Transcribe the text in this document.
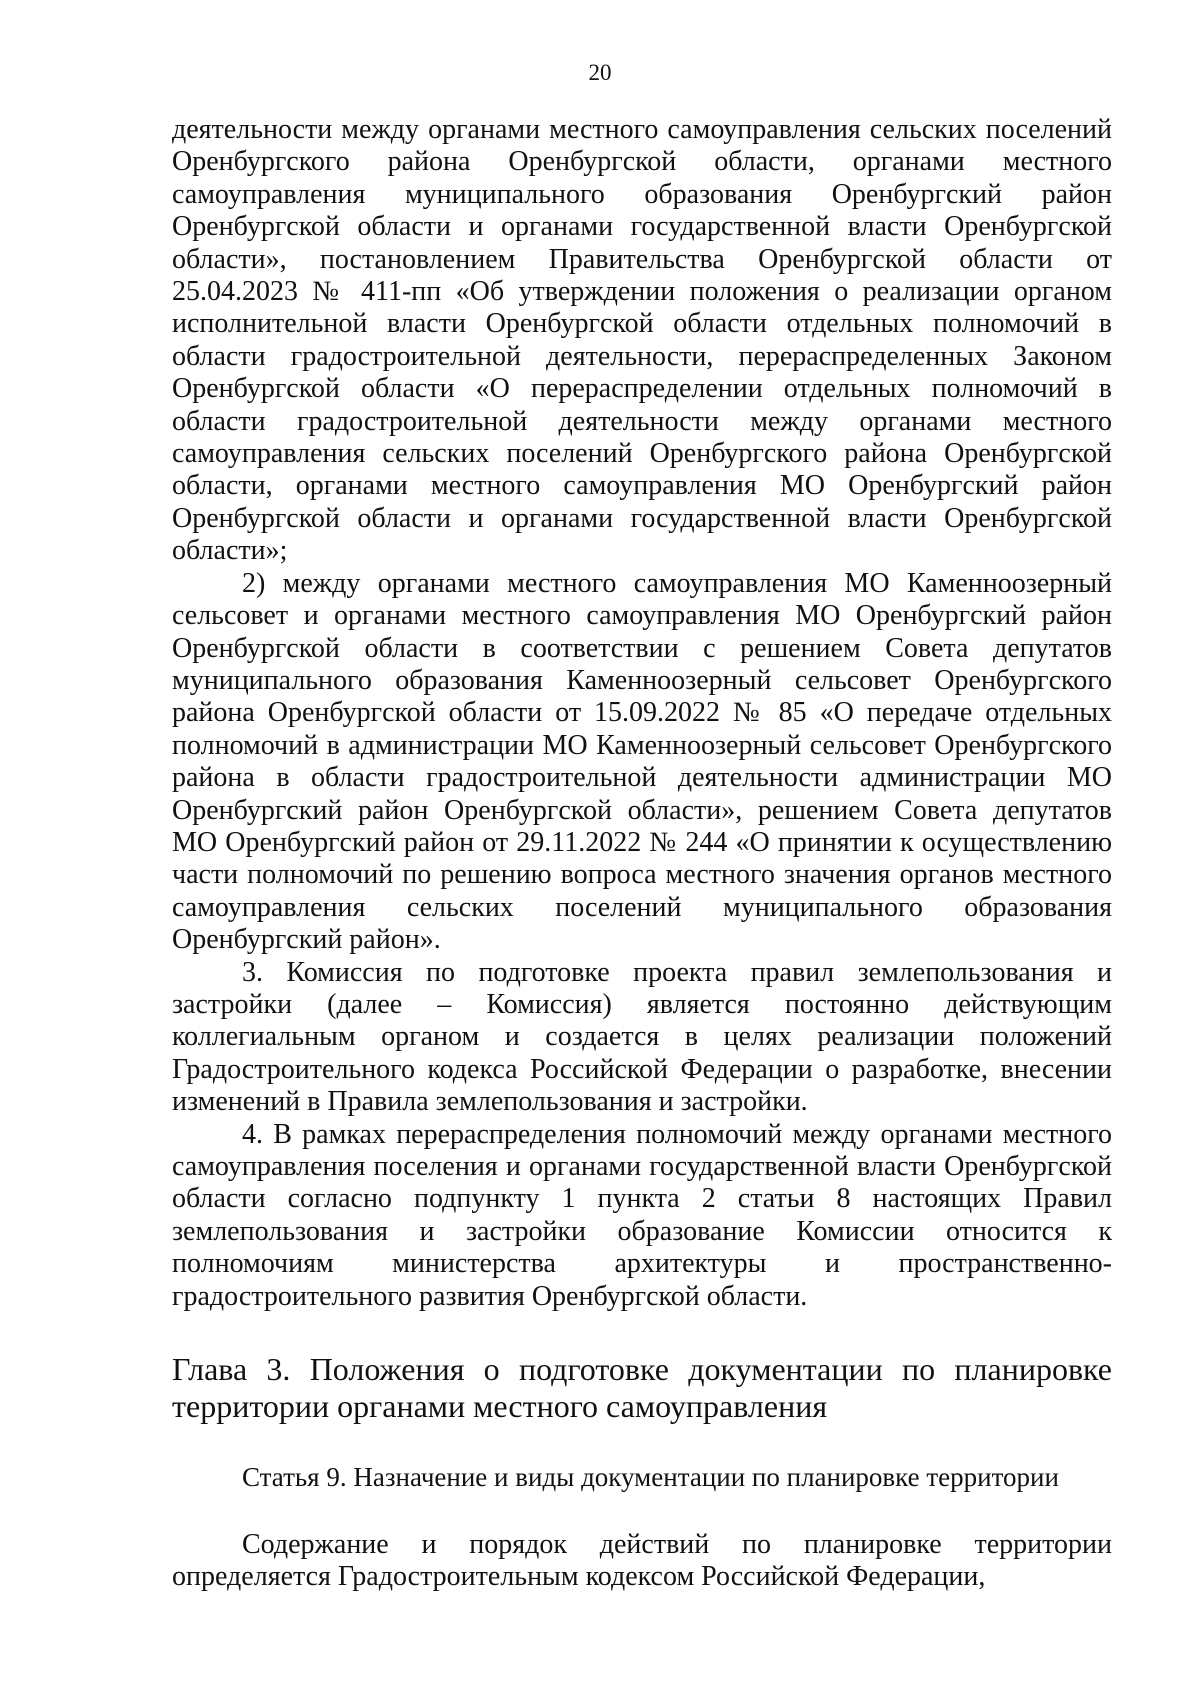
20

деятельности между органами местного самоуправления сельских поселений Оренбургского района Оренбургской области, органами местного самоуправления муниципального образования Оренбургский район Оренбургской области и органами государственной власти Оренбургской области», постановлением Правительства Оренбургской области от 25.04.2023 № 411-пп «Об утверждении положения о реализации органом исполнительной власти Оренбургской области отдельных полномочий в области градостроительной деятельности, перераспределенных Законом Оренбургской области «О перераспределении отдельных полномочий в области градостроительной деятельности между органами местного самоуправления сельских поселений Оренбургского района Оренбургской области, органами местного самоуправления МО Оренбургский район Оренбургской области и органами государственной власти Оренбургской области»;

2) между органами местного самоуправления МО Каменноозерный сельсовет и органами местного самоуправления МО Оренбургский район Оренбургской области в соответствии с решением Совета депутатов муниципального образования Каменноозерный сельсовет Оренбургского района Оренбургской области от 15.09.2022 № 85 «О передаче отдельных полномочий в администрации МО Каменноозерный сельсовет Оренбургского района в области градостроительной деятельности администрации МО Оренбургский район Оренбургской области», решением Совета депутатов МО Оренбургский район от 29.11.2022 № 244 «О принятии к осуществлению части полномочий по решению вопроса местного значения органов местного самоуправления сельских поселений муниципального образования Оренбургский район».

3. Комиссия по подготовке проекта правил землепользования и застройки (далее – Комиссия) является постоянно действующим коллегиальным органом и создается в целях реализации положений Градостроительного кодекса Российской Федерации о разработке, внесении изменений в Правила землепользования и застройки.

4. В рамках перераспределения полномочий между органами местного самоуправления поселения и органами государственной власти Оренбургской области согласно подпункту 1 пункта 2 статьи 8 настоящих Правил землепользования и застройки образование Комиссии относится к полномочиям министерства архитектуры и пространственно-градостроительного развития Оренбургской области.

Глава 3. Положения о подготовке документации по планировке территории органами местного самоуправления
Статья 9. Назначение и виды документации по планировке территории

Содержание и порядок действий по планировке территории определяется Градостроительным кодексом Российской Федерации,
